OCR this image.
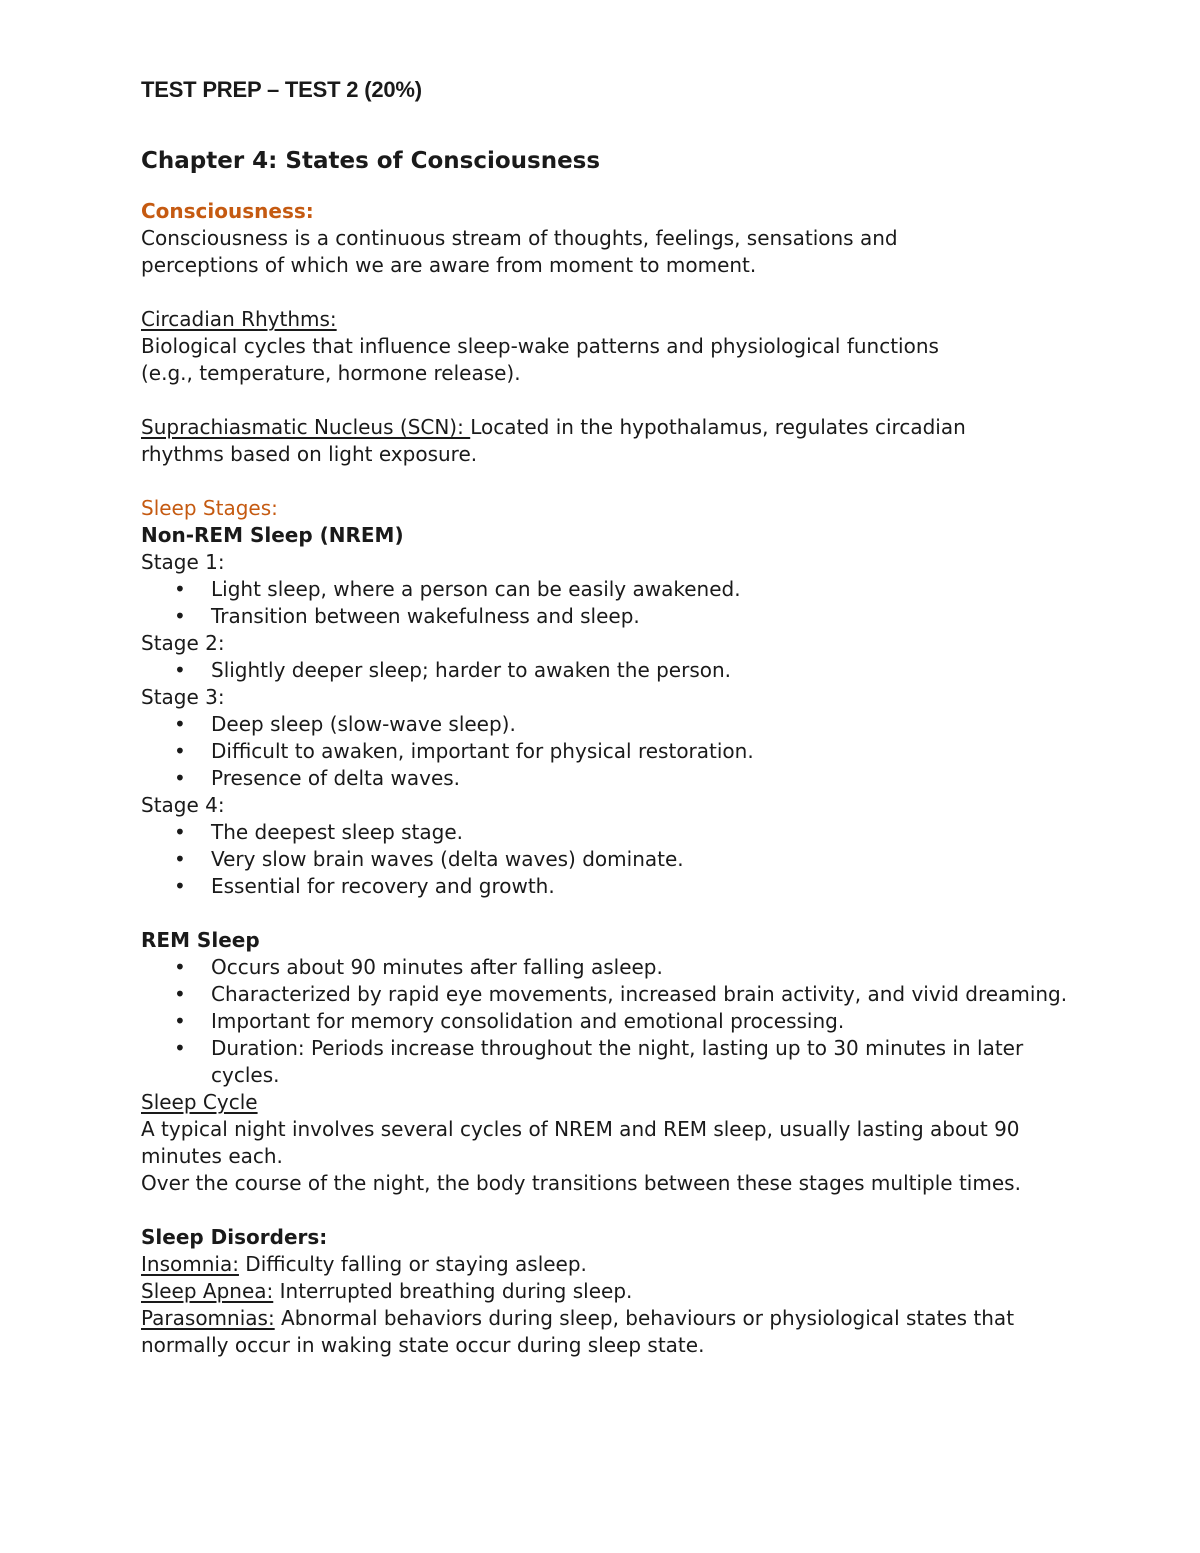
TEST PREP – TEST 2 (20%)
Chapter 4: States of Consciousness
Consciousness:
Consciousness is a continuous stream of thoughts, feelings, sensations and
perceptions of which we are aware from moment to moment.
Circadian Rhythms:
Biological cycles that influence sleep-wake patterns and physiological functions
(e.g., temperature, hormone release).
Suprachiasmatic Nucleus (SCN): Located in the hypothalamus, regulates circadian
rhythms based on light exposure.
Sleep Stages:
Non-REM Sleep (NREM)
Stage 1:
• Light sleep, where a person can be easily awakened.
• Transition between wakefulness and sleep.
Stage 2:
• Slightly deeper sleep; harder to awaken the person.
Stage 3:
• Deep sleep (slow-wave sleep).
• Difficult to awaken, important for physical restoration.
• Presence of delta waves.
Stage 4:
• The deepest sleep stage.
• Very slow brain waves (delta waves) dominate.
• Essential for recovery and growth.
REM Sleep
• Occurs about 90 minutes after falling asleep.
• Characterized by rapid eye movements, increased brain activity, and vivid dreaming.
• Important for memory consolidation and emotional processing.
• Duration: Periods increase throughout the night, lasting up to 30 minutes in later cycles.
Sleep Cycle
A typical night involves several cycles of NREM and REM sleep, usually lasting about 90 minutes each.
Over the course of the night, the body transitions between these stages multiple times.
Sleep Disorders:
Insomnia: Difficulty falling or staying asleep.
Sleep Apnea: Interrupted breathing during sleep.
Parasomnias: Abnormal behaviors during sleep, behaviours or physiological states that normally occur in waking state occur during sleep state.
